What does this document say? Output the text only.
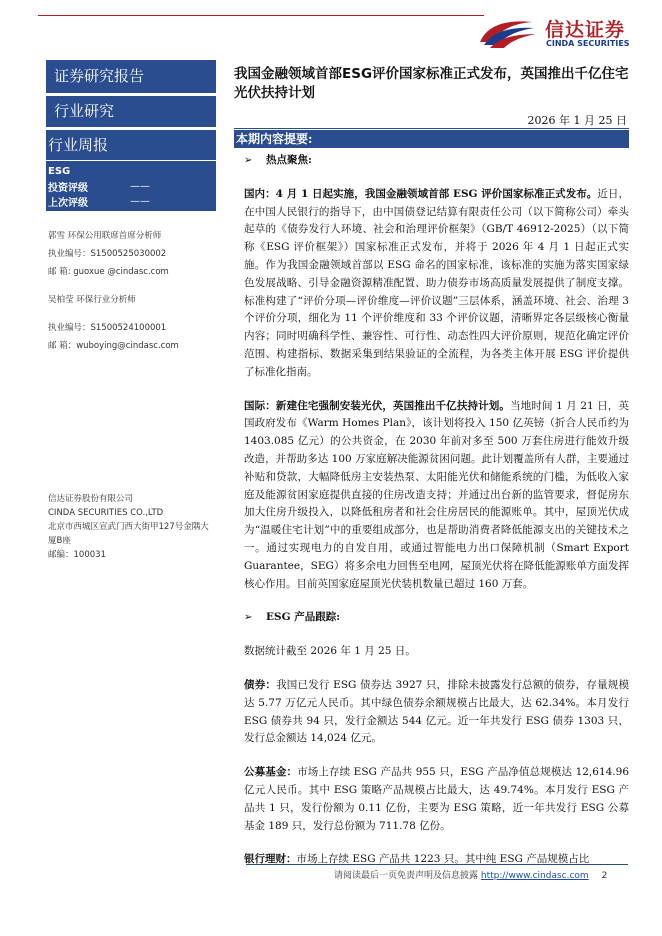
信达证券
CINDA SECURITIES
证券研究报告
行业研究
行业周报
ESG
投资评级	——
上次评级	——
郭雪 环保公用联席首席分析师
执业编号：S1500525030002
邮 箱: guoxue @cindasc.com
吴柏莹 环保行业分析师
执业编号：S1500524100001
邮 箱：wuboying@cindasc.com
信达证券股份有限公司
CINDA SECURITIES CO.,LTD
北京市西城区宣武门西大街甲127号金隅大厦B座
邮编：100031
我国金融领域首部ESG评价国家标准正式发布，英国推出千亿住宅光伏扶持计划
2026 年 1 月 25 日
本期内容提要:
➢	热点聚焦:
国内：4 月 1 日起实施，我国金融领域首部 ESG 评价国家标准正式发布。近日，在中国人民银行的指导下，由中国债登记结算有限责任公司（以下简称公司）牵头起草的《债券发行人环境、社会和治理评价框架》（GB/T 46912-2025）（以下简称《ESG 评价框架》）国家标准正式发布，并将于 2026 年 4 月 1 日起正式实施。作为我国金融领域首部以 ESG 命名的国家标准，该标准的实施为落实国家绿色发展战略、引导金融资源精准配置、助力债券市场高质量发展提供了制度支撑。标准构建了“评价分项—评价维度—评价议题”三层体系，涵盖环境、社会、治理 3 个评价分项，细化为 11 个评价维度和 33 个评价议题，清晰界定各层级核心衡量内容；同时明确科学性、兼容性、可行性、动态性四大评价原则，规范化确定评价范围、构建指标、数据采集到结果验证的全流程，为各类主体开展 ESG 评价提供了标准化指南。
国际：新建住宅强制安装光伏，英国推出千亿扶持计划。当地时间 1 月 21 日，英国政府发布《Warm Homes Plan》，该计划将投入 150 亿英镑（折合人民币约为 1403.085 亿元）的公共资金，在 2030 年前对多至 500 万套住房进行能效升级改造，并帮助多达 100 万家庭解决能源贫困问题。此计划覆盖所有人群，主要通过补贴和贷款，大幅降低房主安装热泵、太阳能光伏和储能系统的门槛，为低收入家庭及能源贫困家庭提供直接的住房改造支持；并通过出台新的监管要求，督促房东加大住房升级投入，以降低租房者和社会住房居民的能源账单。其中，屋顶光伏成为“温暖住宅计划”中的重要组成部分，也是帮助消费者降低能源支出的关键技术之一。通过实现电力的自发自用，或通过智能电力出口保障机制（Smart Export Guarantee，SEG）将多余电力回售至电网，屋顶光伏将在降低能源账单方面发挥核心作用。目前英国家庭屋顶光伏装机数量已超过 160 万套。
➢	ESG 产品跟踪:
数据统计截至 2026 年 1 月 25 日。
债券：我国已发行 ESG 债券达 3927 只，排除未披露发行总额的债券，存量规模达 5.77 万亿元人民币。其中绿色债券余额规模占比最大，达 62.34%。本月发行 ESG 债券共 94 只，发行金额达 544 亿元。近一年共发行 ESG 债券 1303 只，发行总金额达 14,024 亿元。
公募基金：市场上存续 ESG 产品共 955 只，ESG 产品净值总规模达 12,614.96 亿元人民币。其中 ESG 策略产品规模占比最大，达 49.74%。本月发行 ESG 产品共 1 只，发行份额为 0.11 亿份，主要为 ESG 策略，近一年共发行 ESG 公募基金 189 只，发行总份额为 711.78 亿份。
银行理财：市场上存续 ESG 产品共 1223 只。其中纯 ESG 产品规模占比
请阅读最后一页免责声明及信息披露 http://www.cindasc.com 2
